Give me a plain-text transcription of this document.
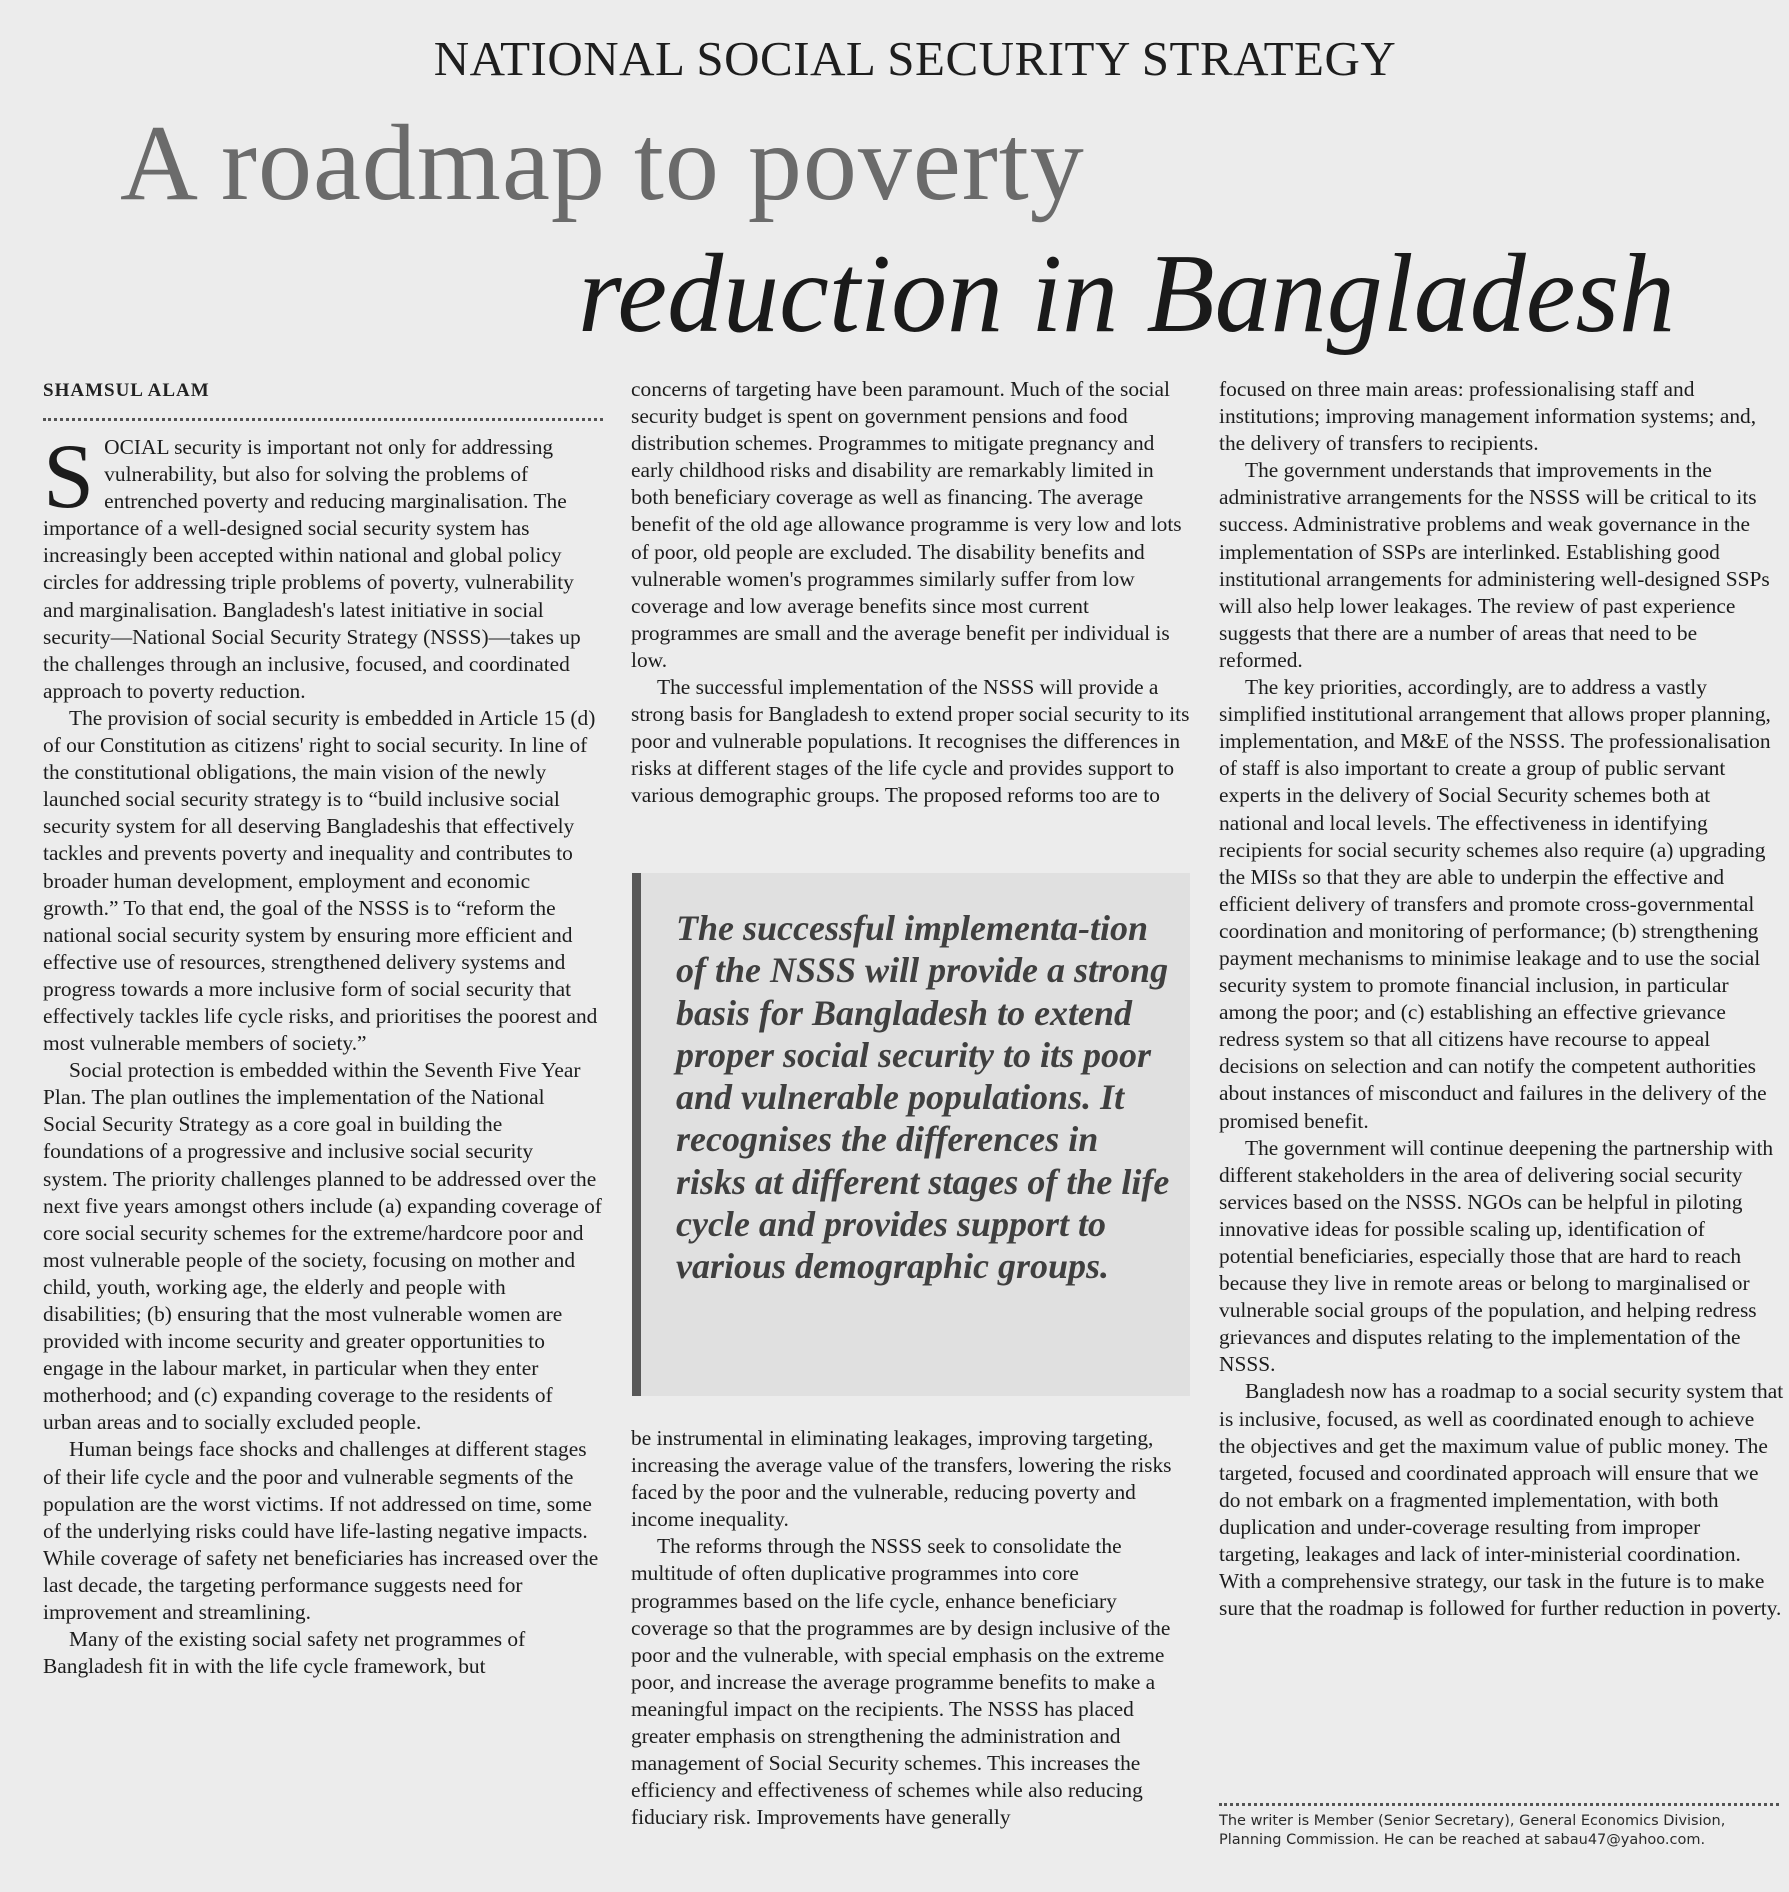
NATIONAL SOCIAL SECURITY STRATEGY
A roadmap to poverty
reduction in Bangladesh
SHAMSUL ALAM

SOCIAL security is important not only for addressing vulnerability, but also for solving the problems of entrenched poverty and reducing marginalisation. The importance of a well-designed social security system has increasingly been accepted within national and global policy circles for addressing triple problems of poverty, vulnerability and marginalisation. Bangladesh's latest initiative in social security—National Social Security Strategy (NSSS)—takes up the challenges through an inclusive, focused, and coordinated approach to poverty reduction.

The provision of social security is embedded in Article 15 (d) of our Constitution as citizens' right to social security. In line of the constitutional obligations, the main vision of the newly launched social security strategy is to “build inclusive social security system for all deserving Bangladeshis that effectively tackles and prevents poverty and inequality and contributes to broader human development, employment and economic growth.” To that end, the goal of the NSSS is to “reform the national social security system by ensuring more efficient and effective use of resources, strengthened delivery systems and progress towards a more inclusive form of social security that effectively tackles life cycle risks, and prioritises the poorest and most vulnerable members of society.”

Social protection is embedded within the Seventh Five Year Plan. The plan outlines the implementation of the National Social Security Strategy as a core goal in building the foundations of a progressive and inclusive social security system. The priority challenges planned to be addressed over the next five years amongst others include (a) expanding coverage of core social security schemes for the extreme/hardcore poor and most vulnerable people of the society, focusing on mother and child, youth, working age, the elderly and people with disabilities; (b) ensuring that the most vulnerable women are provided with income security and greater opportunities to engage in the labour market, in particular when they enter motherhood; and (c) expanding coverage to the residents of urban areas and to socially excluded people.

Human beings face shocks and challenges at different stages of their life cycle and the poor and vulnerable segments of the population are the worst victims. If not addressed on time, some of the underlying risks could have life-lasting negative impacts. While coverage of safety net beneficiaries has increased over the last decade, the targeting performance suggests need for improvement and streamlining.

Many of the existing social safety net programmes of Bangladesh fit in with the life cycle framework, but

concerns of targeting have been paramount. Much of the social security budget is spent on government pensions and food distribution schemes. Programmes to mitigate pregnancy and early childhood risks and disability are remarkably limited in both beneficiary coverage as well as financing. The average benefit of the old age allowance programme is very low and lots of poor, old people are excluded. The disability benefits and vulnerable women's programmes similarly suffer from low coverage and low average benefits since most current programmes are small and the average benefit per individual is low.

The successful implementation of the NSSS will provide a strong basis for Bangladesh to extend proper social security to its poor and vulnerable populations. It recognises the differences in risks at different stages of the life cycle and provides support to various demographic groups. The proposed reforms too are to

The successful implementa-tion of the NSSS will provide a strong basis for Bangladesh to extend proper social security to its poor and vulnerable populations. It recognises the differences in risks at different stages of the life cycle and provides support to various demographic groups.

be instrumental in eliminating leakages, improving targeting, increasing the average value of the transfers, lowering the risks faced by the poor and the vulnerable, reducing poverty and income inequality.

The reforms through the NSSS seek to consolidate the multitude of often duplicative programmes into core programmes based on the life cycle, enhance beneficiary coverage so that the programmes are by design inclusive of the poor and the vulnerable, with special emphasis on the extreme poor, and increase the average programme benefits to make a meaningful impact on the recipients. The NSSS has placed greater emphasis on strengthening the administration and management of Social Security schemes. This increases the efficiency and effectiveness of schemes while also reducing fiduciary risk. Improvements have generally

focused on three main areas: professionalising staff and institutions; improving management information systems; and, the delivery of transfers to recipients.

The government understands that improvements in the administrative arrangements for the NSSS will be critical to its success. Administrative problems and weak governance in the implementation of SSPs are interlinked. Establishing good institutional arrangements for administering well-designed SSPs will also help lower leakages. The review of past experience suggests that there are a number of areas that need to be reformed.

The key priorities, accordingly, are to address a vastly simplified institutional arrangement that allows proper planning, implementation, and M&E of the NSSS. The professionalisation of staff is also important to create a group of public servant experts in the delivery of Social Security schemes both at national and local levels. The effectiveness in identifying recipients for social security schemes also require (a) upgrading the MISs so that they are able to underpin the effective and efficient delivery of transfers and promote cross-governmental coordination and monitoring of performance; (b) strengthening payment mechanisms to minimise leakage and to use the social security system to promote financial inclusion, in particular among the poor; and (c) establishing an effective grievance redress system so that all citizens have recourse to appeal decisions on selection and can notify the competent authorities about instances of misconduct and failures in the delivery of the promised benefit.

The government will continue deepening the partnership with different stakeholders in the area of delivering social security services based on the NSSS. NGOs can be helpful in piloting innovative ideas for possible scaling up, identification of potential beneficiaries, especially those that are hard to reach because they live in remote areas or belong to marginalised or vulnerable social groups of the population, and helping redress grievances and disputes relating to the implementation of the NSSS.

Bangladesh now has a roadmap to a social security system that is inclusive, focused, as well as coordinated enough to achieve the objectives and get the maximum value of public money. The targeted, focused and coordinated approach will ensure that we do not embark on a fragmented implementation, with both duplication and under-coverage resulting from improper targeting, leakages and lack of inter-ministerial coordination. With a comprehensive strategy, our task in the future is to make sure that the roadmap is followed for further reduction in poverty.

The writer is Member (Senior Secretary), General Economics Division, Planning Commission. He can be reached at sabau47@yahoo.com.
